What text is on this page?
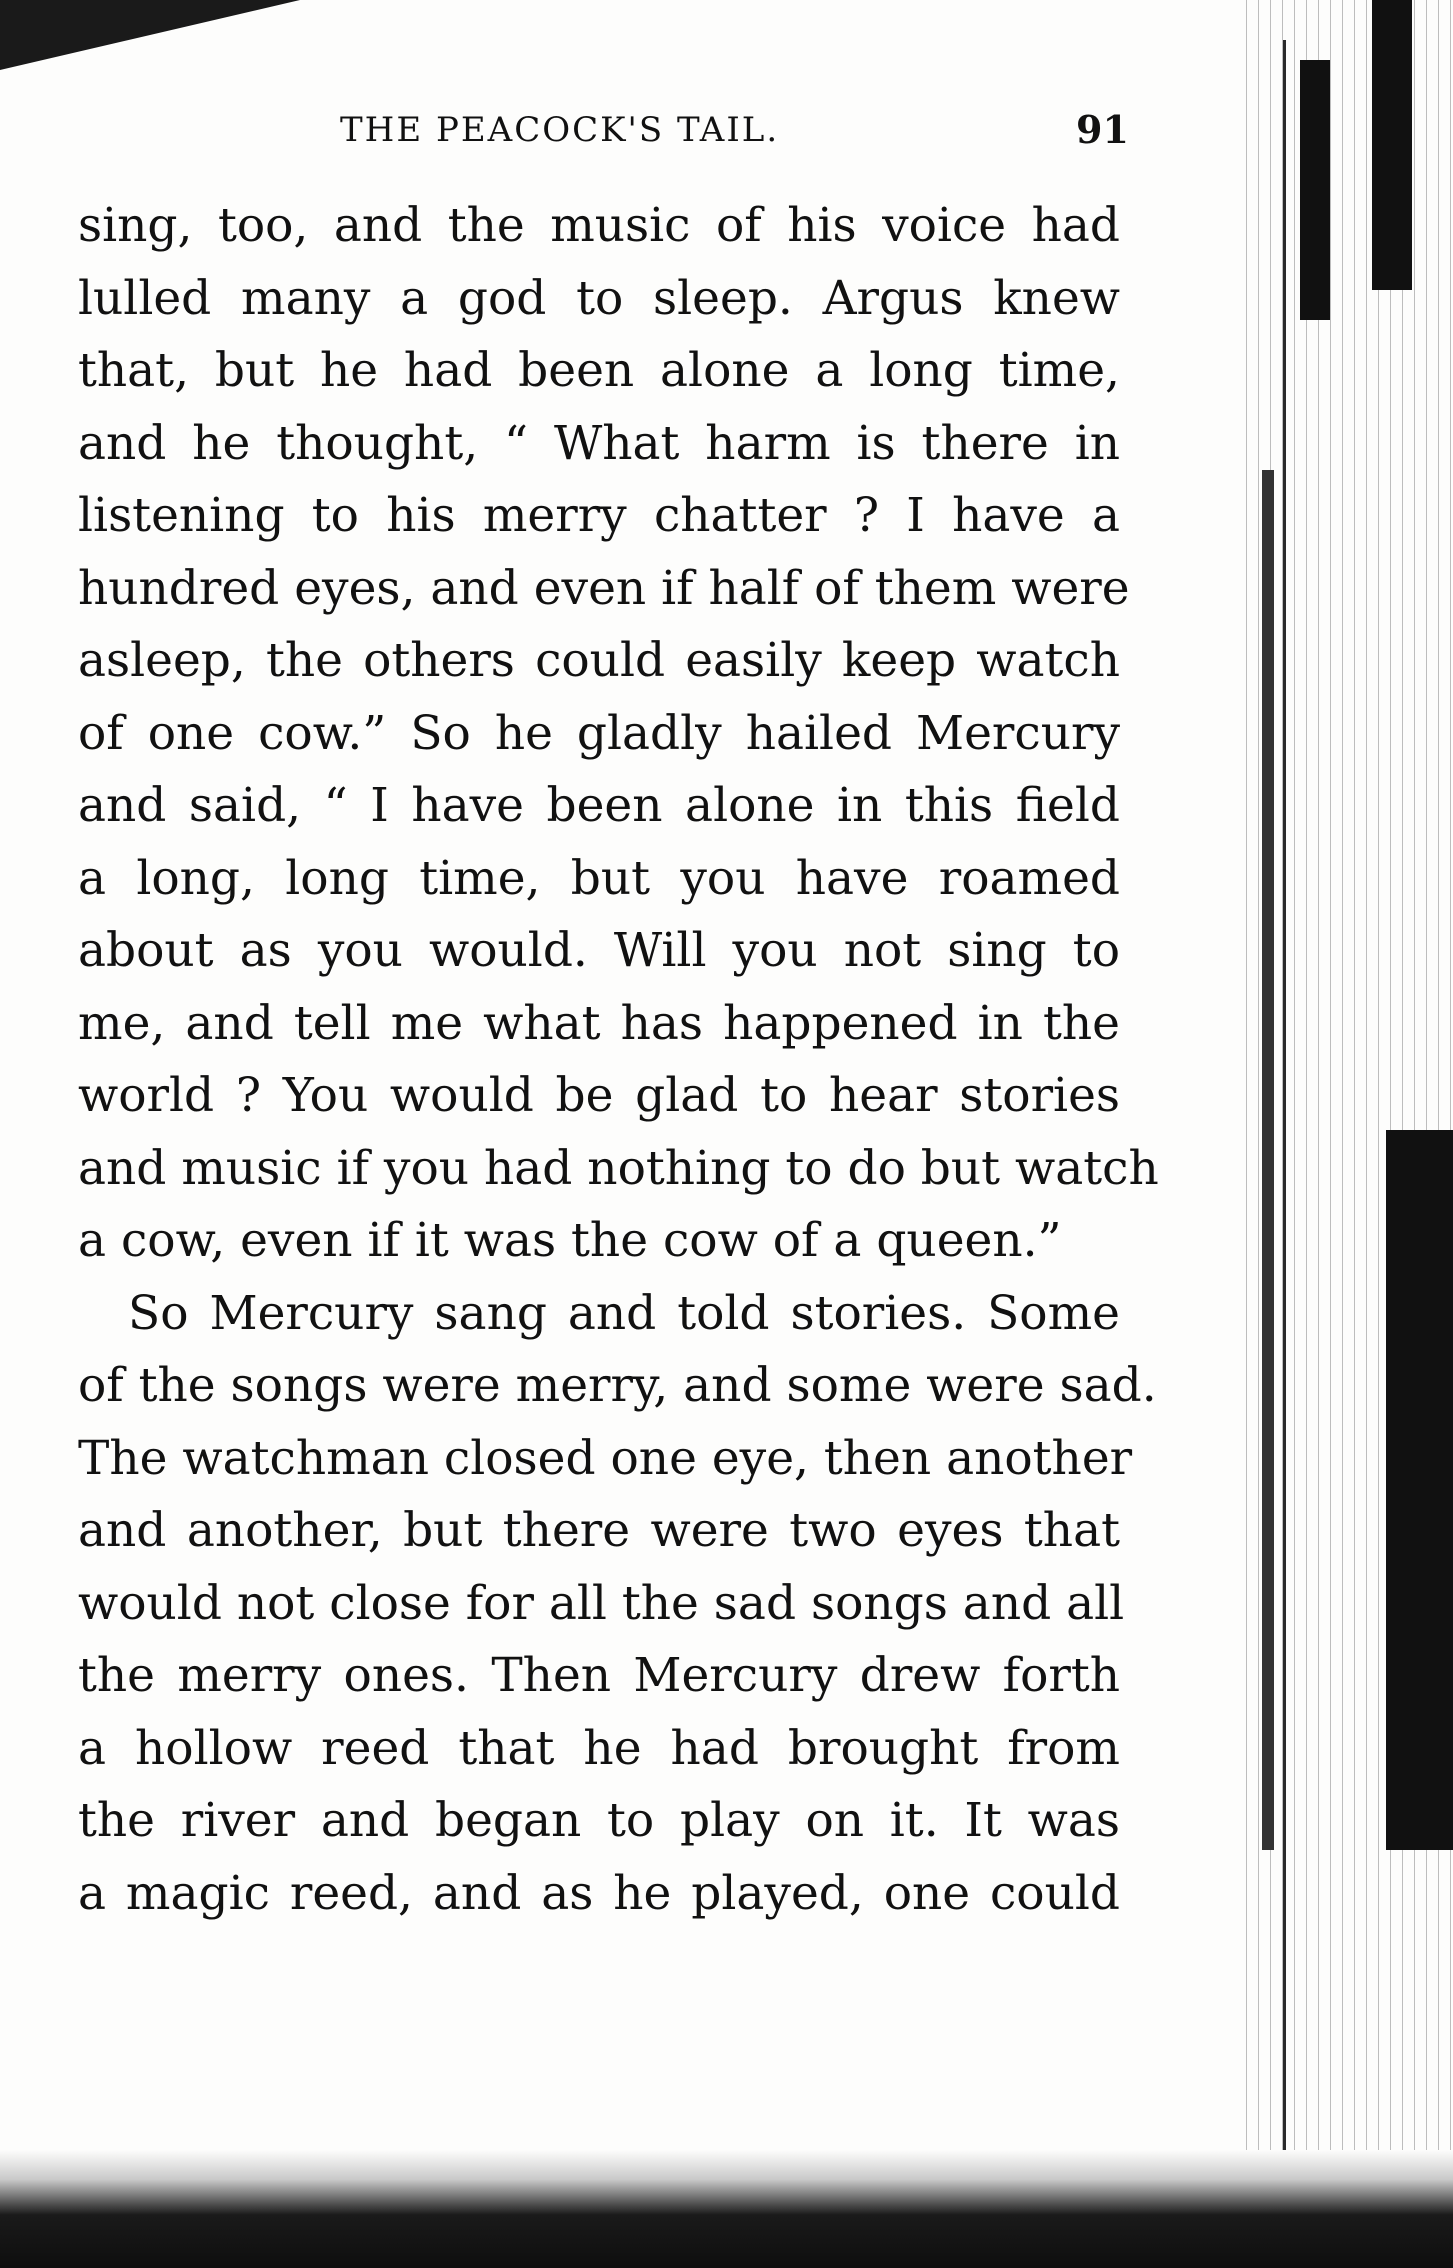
THE PEACOCK'S TAIL.	91
sing, too, and the music of his voice had
lulled many a god to sleep. Argus knew
that, but he had been alone a long time,
and he thought, “ What harm is there in
listening to his merry chatter ? I have a
hundred eyes, and even if half of them were
asleep, the others could easily keep watch
of one cow.” So he gladly hailed Mercury
and said, “ I have been alone in this field
a long, long time, but you have roamed
about as you would. Will you not sing to
me, and tell me what has happened in the
world ? You would be glad to hear stories
and music if you had nothing to do but watch
a cow, even if it was the cow of a queen.”
So Mercury sang and told stories. Some
of the songs were merry, and some were sad.
The watchman closed one eye, then another
and another, but there were two eyes that
would not close for all the sad songs and all
the merry ones. Then Mercury drew forth
a hollow reed that he had brought from
the river and began to play on it. It was
a magic reed, and as he played, one could
